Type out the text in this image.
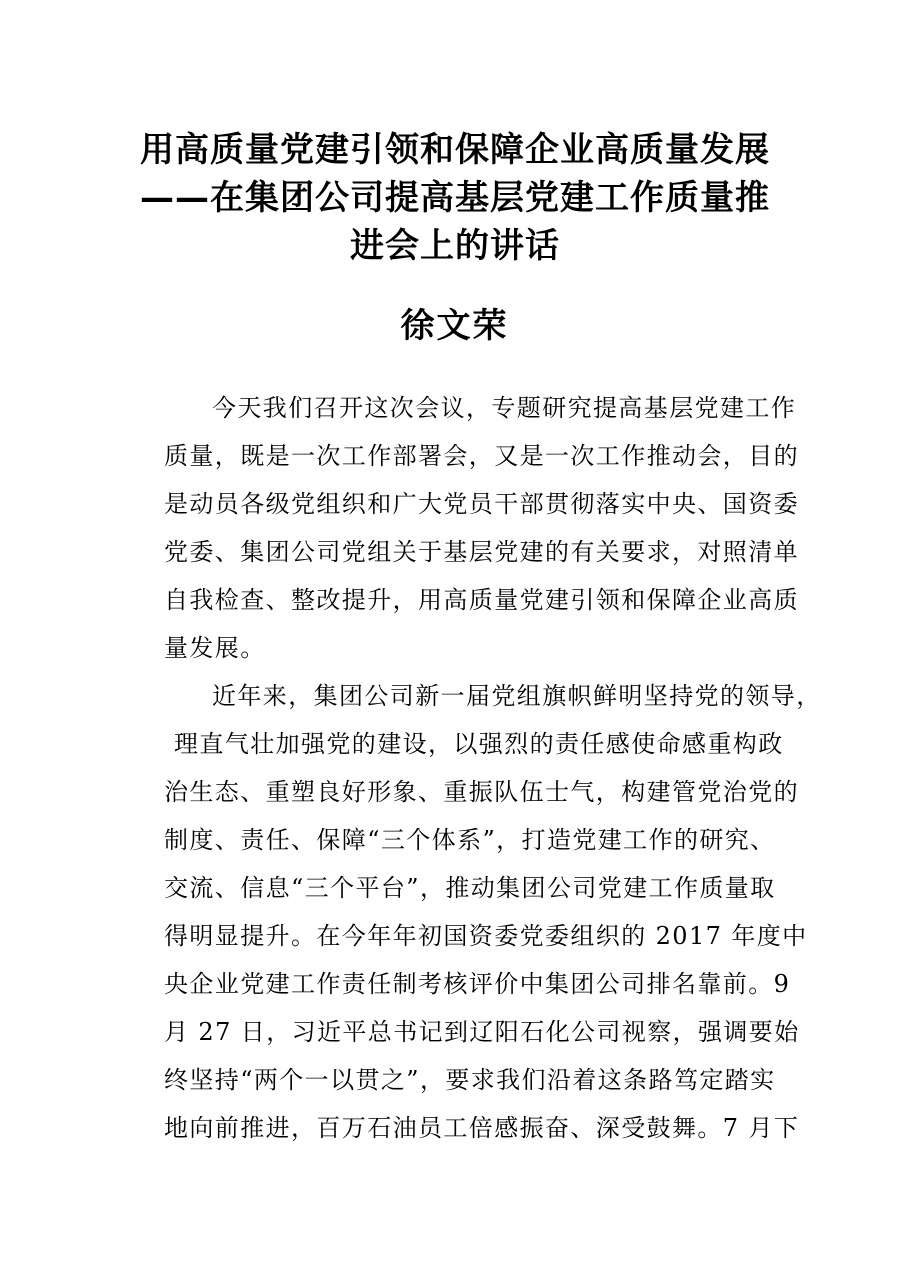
用高质量党建引领和保障企业高质量发展
——在集团公司提高基层党建工作质量推
进会上的讲话
徐文荣
今天我们召开这次会议，专题研究提高基层党建工作
质量，既是一次工作部署会，又是一次工作推动会，目的
是动员各级党组织和广大党员干部贯彻落实中央、国资委
党委、集团公司党组关于基层党建的有关要求，对照清单
自我检查、整改提升，用高质量党建引领和保障企业高质
量发展。
近年来，集团公司新一届党组旗帜鲜明坚持党的领导，
理直气壮加强党的建设，以强烈的责任感使命感重构政
治生态、重塑良好形象、重振队伍士气，构建管党治党的
制度、责任、保障“三个体系”，打造党建工作的研究、
交流、信息“三个平台”，推动集团公司党建工作质量取
得明显提升。在今年年初国资委党委组织的 2017 年度中
央企业党建工作责任制考核评价中集团公司排名靠前。9
月 27 日，习近平总书记到辽阳石化公司视察，强调要始
终坚持“两个一以贯之”，要求我们沿着这条路笃定踏实
地向前推进，百万石油员工倍感振奋、深受鼓舞。7 月下
